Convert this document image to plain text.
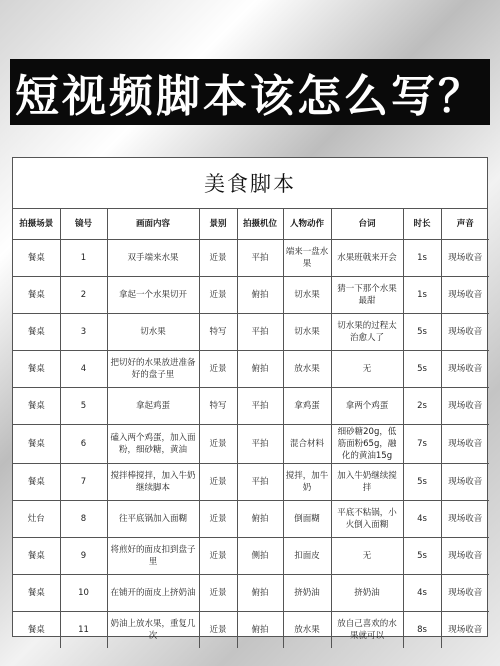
短视频脚本该怎么写？
美食脚本
拍摄场景	镜号	画面内容	景别	拍摄机位	人物动作	台词	时长	声音
餐桌	1	双手端来水果	近景	平拍	端来一盘水果	水果班戟来开会	1s	现场收音
餐桌	2	拿起一个水果切开	近景	俯拍	切水果	猜一下那个水果最甜	1s	现场收音
餐桌	3	切水果	特写	平拍	切水果	切水果的过程太治愈人了	5s	现场收音
餐桌	4	把切好的水果放进准备好的盘子里	近景	俯拍	放水果	无	5s	现场收音
餐桌	5	拿起鸡蛋	特写	平拍	拿鸡蛋	拿两个鸡蛋	2s	现场收音
餐桌	6	磕入两个鸡蛋，加入面粉，细砂糖，黄油	近景	平拍	混合材料	细砂糖20g，低筋面粉65g，融化的黄油15g	7s	现场收音
餐桌	7	搅拌棒搅拌，加入牛奶继续脚本	近景	平拍	搅拌，加牛奶	加入牛奶继续搅拌	5s	现场收音
灶台	8	往平底锅加入面糊	近景	俯拍	倒面糊	平底不粘锅，小火倒入面糊	4s	现场收音
餐桌	9	将煎好的面皮扣到盘子里	近景	侧拍	扣面皮	无	5s	现场收音
餐桌	10	在铺开的面皮上挤奶油	近景	俯拍	挤奶油	挤奶油	4s	现场收音
餐桌	11	奶油上放水果，重复几次	近景	俯拍	放水果	放自己喜欢的水果就可以	8s	现场收音
